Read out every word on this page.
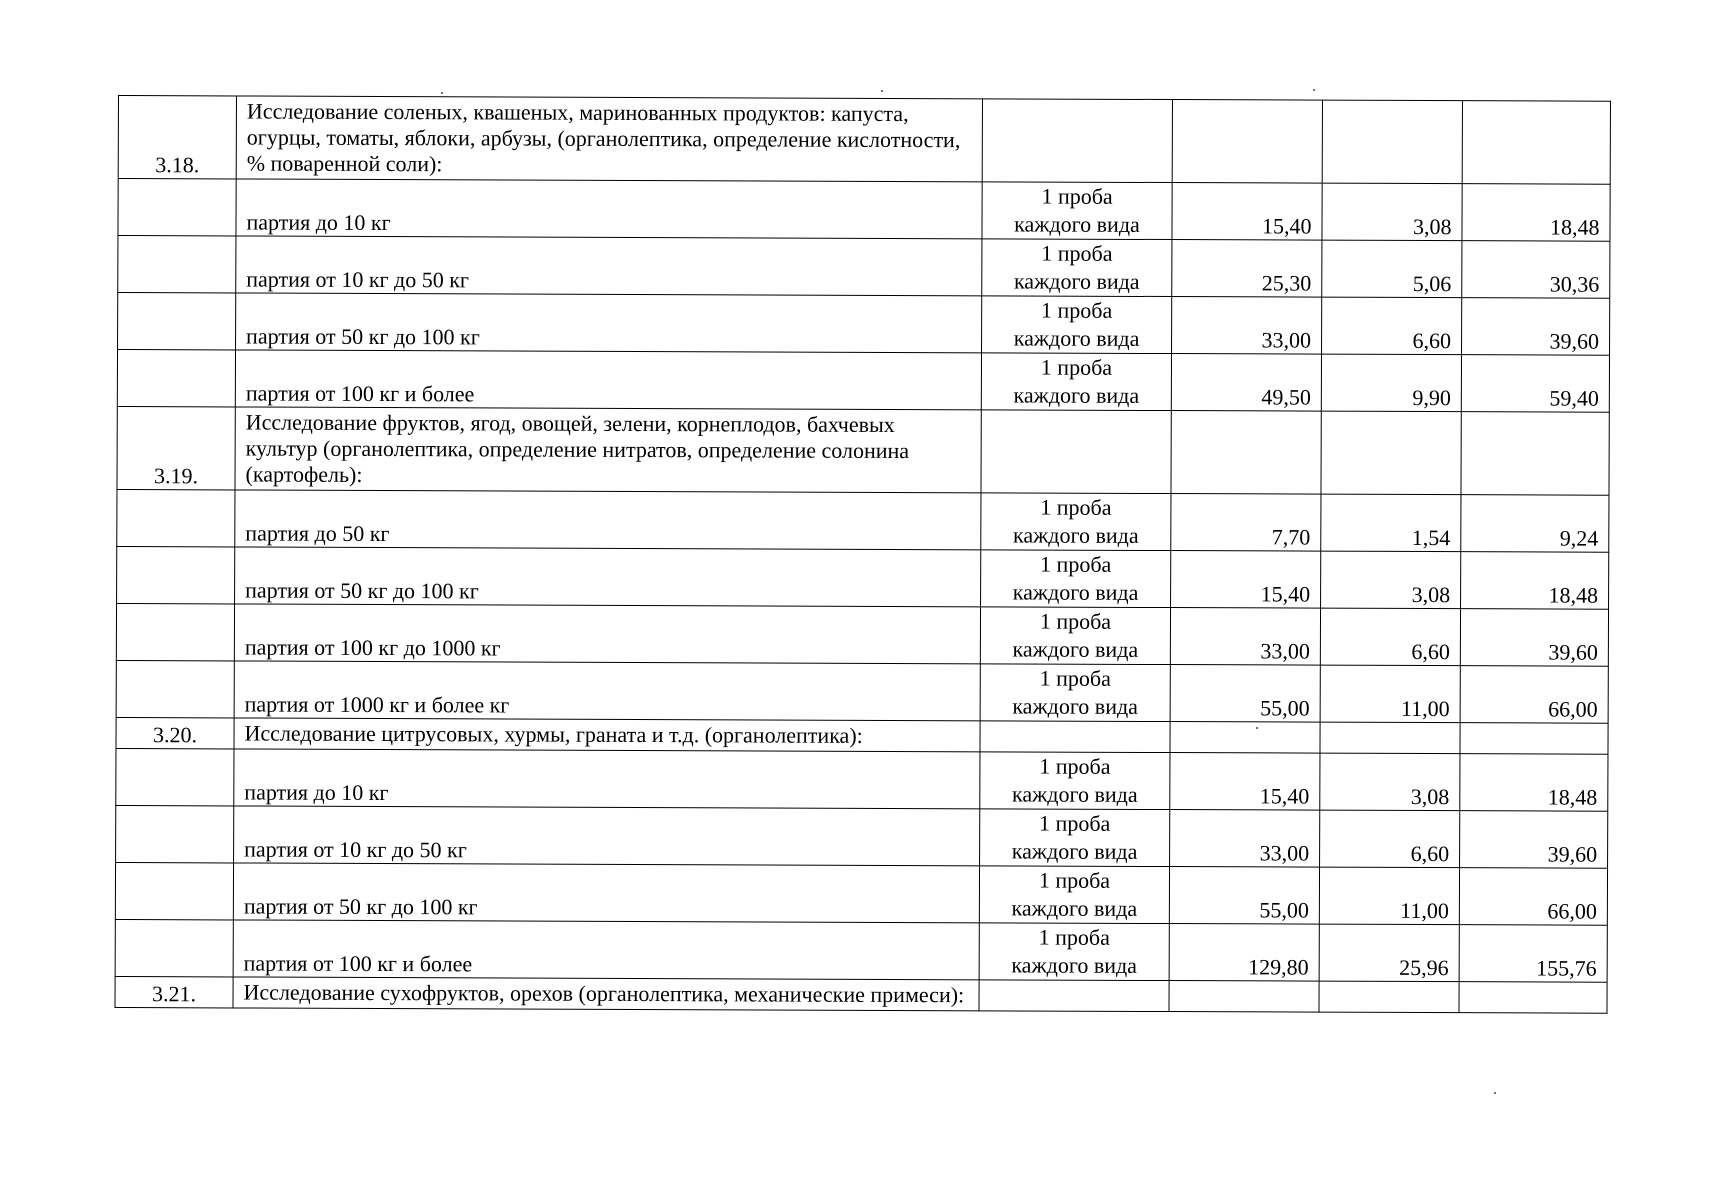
3.18.	Исследование соленых, квашеных, маринованных продуктов: капуста, огурцы, томаты, яблоки, арбузы, (органолептика, определение кислотности, % поваренной соли):				
	партия до 10 кг	1 проба
каждого вида	15,40	3,08	18,48
	партия от 10 кг до 50 кг	1 проба
каждого вида	25,30	5,06	30,36
	партия от 50 кг до 100 кг	1 проба
каждого вида	33,00	6,60	39,60
	партия от 100 кг и более	1 проба
каждого вида	49,50	9,90	59,40
3.19.	Исследование фруктов, ягод, овощей, зелени, корнеплодов, бахчевых культур (органолептика, определение нитратов, определение солонина (картофель):				
	партия до 50 кг	1 проба
каждого вида	7,70	1,54	9,24
	партия от 50 кг до 100 кг	1 проба
каждого вида	15,40	3,08	18,48
	партия от 100 кг до 1000 кг	1 проба
каждого вида	33,00	6,60	39,60
	партия от 1000 кг и более кг	1 проба
каждого вида	55,00	11,00	66,00
3.20.	Исследование цитрусовых, хурмы, граната и т.д. (органолептика):				
	партия до 10 кг	1 проба
каждого вида	15,40	3,08	18,48
	партия от 10 кг до 50 кг	1 проба
каждого вида	33,00	6,60	39,60
	партия от 50 кг до 100 кг	1 проба
каждого вида	55,00	11,00	66,00
	партия от 100 кг и более	1 проба
каждого вида	129,80	25,96	155,76
3.21.	Исследование сухофруктов, орехов (органолептика, механические примеси):				
